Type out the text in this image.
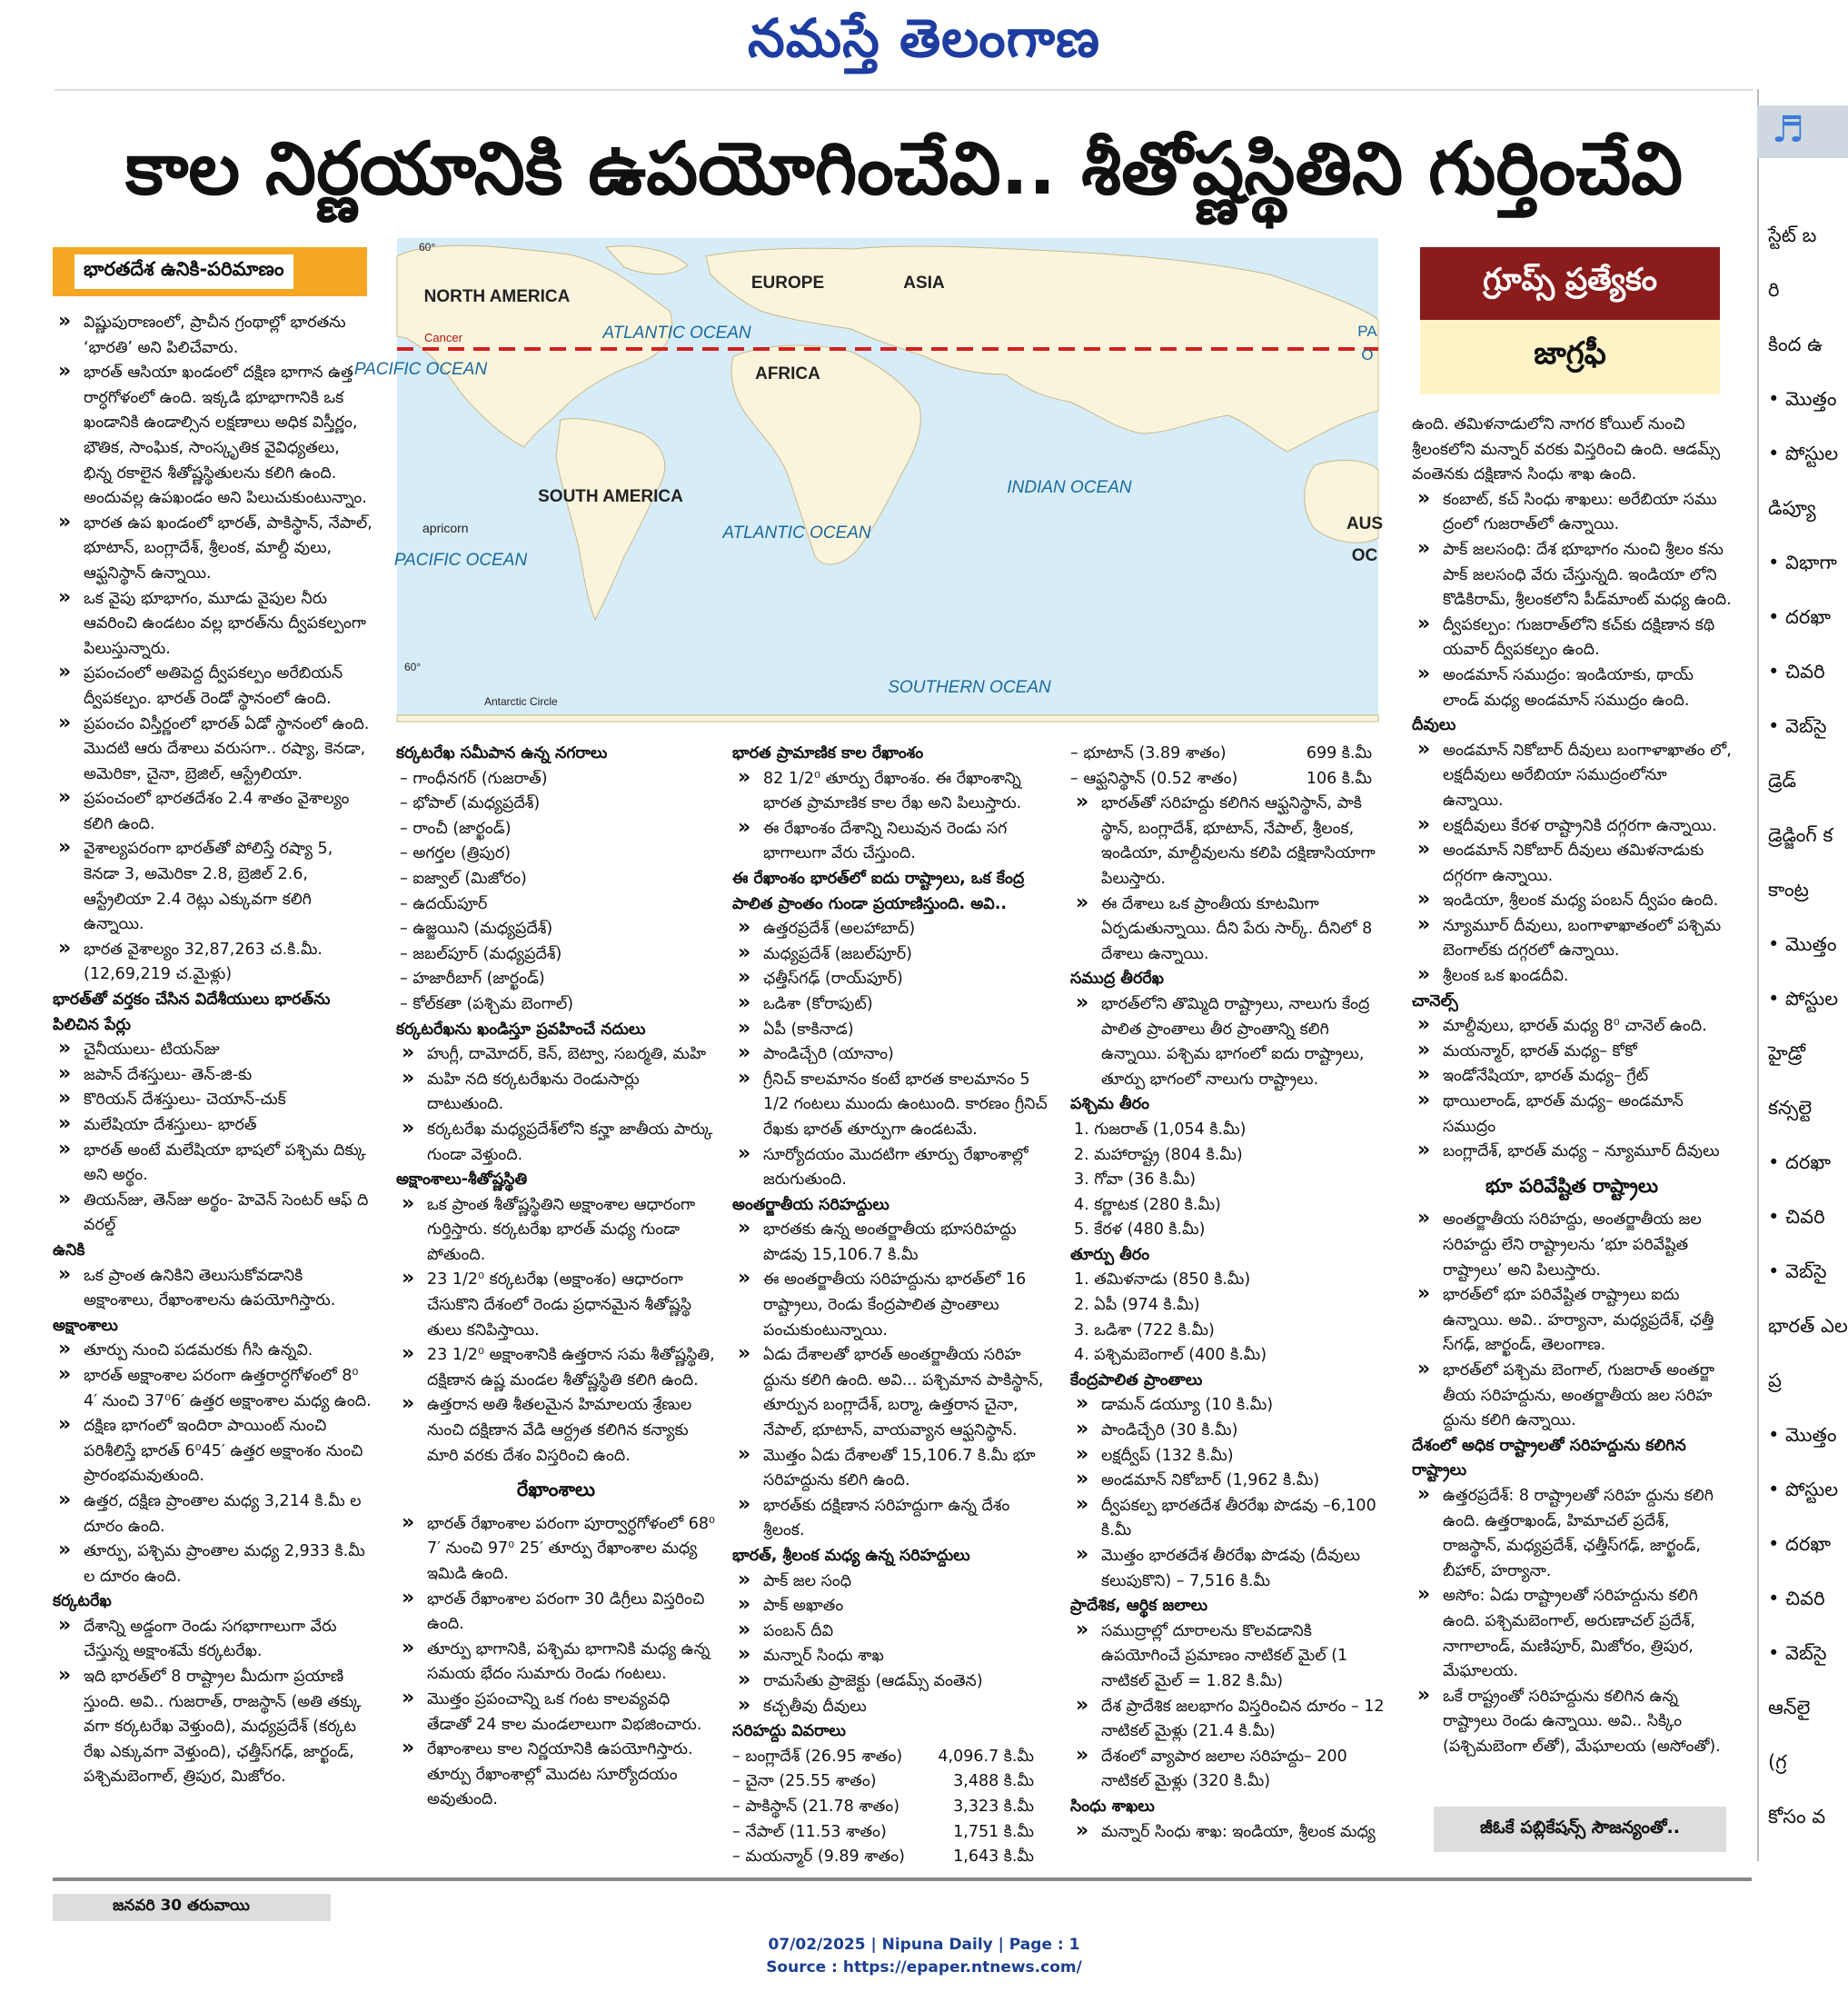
నమస్తే తెలంగాణ
కాల నిర్ణయానికి ఉపయోగించేవి.. శీతోష్ణస్థితిని గుర్తించేవి
భారతదేశ ఉనికి-పరిమాణం
NORTH AMERICA
EUROPE	ASIA
ATLANTIC OCEAN
AFRICA
PACIFIC OCEAN
SOUTH AMERICA	INDIAN OCEAN
ATLANTIC OCEAN
PACIFIC OCEAN
SOUTHERN OCEAN
AUS
OC
60°
60°
Cancer
apricorn
Antarctic Circle
PA
O
గ్రూప్స్ ప్రత్యేకం
జాగ్రఫీ

» విష్ణుపురాణంలో, ప్రాచీన గ్రంథాల్లో భారతను ‘భారతి’ అని పిలిచేవారు.

» భారత్ ఆసియా ఖండంలో దక్షిణ భాగాన ఉత్త రార్ధగోళంలో ఉంది. ఇక్కడి భూభాగానికి ఒక ఖండానికి ఉండాల్సిన లక్షణాలు అధిక విస్తీర్ణం, భౌతిక, సాంఘిక, సాంస్కృతిక వైవిధ్యతలు, భిన్న రకాలైన శీతోష్ణస్థితులను కలిగి ఉంది. అందువల్ల ఉపఖండం అని పిలుచుకుంటున్నాం.

» భారత ఉప ఖండంలో భారత్, పాకిస్థాన్, నేపాల్, భూటాన్, బంగ్లాదేశ్, శ్రీలంక, మాల్దీ వులు, ఆఫ్ఘనిస్థాన్ ఉన్నాయి.

» ఒక వైపు భూభాగం, మూడు వైపుల నీరు ఆవరించి ఉండటం వల్ల భారత్‌ను ద్వీపకల్పంగా పిలుస్తున్నారు.

» ప్రపంచంలో అతిపెద్ద ద్వీపకల్పం అరేబియన్ ద్వీపకల్పం. భారత్ రెండో స్థానంలో ఉంది.

» ప్రపంచం విస్తీర్ణంలో భారత్ ఏడో స్థానంలో ఉంది. మొదటి ఆరు దేశాలు వరుసగా.. రష్యా, కెనడా, అమెరికా, చైనా, బ్రెజిల్, ఆస్ట్రేలియా.

» ప్రపంచంలో భారతదేశం 2.4 శాతం వైశాల్యం కలిగి ఉంది.

» వైశాల్యపరంగా భారత్‌తో పోలిస్తే రష్యా 5, కెనడా 3, అమెరికా 2.8, బ్రెజిల్ 2.6, ఆస్ట్రేలియా 2.4 రెట్లు ఎక్కువగా కలిగి ఉన్నాయి.

» భారత వైశాల్యం 32,87,263 చ.కి.మీ. (12,69,219 చ.మైళ్లు)

భారత్‌తో వర్తకం చేసిన విదేశీయులు భారత్‌ను పిలిచిన పేర్లు

» చైనీయులు- టియన్‌జు

» జపాన్ దేశస్తులు- తెన్-జి-కు

» కొరియన్ దేశస్తులు- చెయాన్-చుక్

» మలేషియా దేశస్తులు- భారత్

» భారత్ అంటే మలేషియా భాషలో పశ్చిమ దిక్కు అని అర్థం.

» తియన్‌జు, తెన్‌జు అర్థం- హెవెన్ సెంటర్ ఆఫ్ ది వరల్డ్

ఉనికి

» ఒక ప్రాంత ఉనికిని తెలుసుకోవడానికి అక్షాంశాలు, రేఖాంశాలను ఉపయోగిస్తారు.

అక్షాంశాలు

» తూర్పు నుంచి పడమరకు గీసి ఉన్నవి.

» భారత్ అక్షాంశాల పరంగా ఉత్తరార్ధగోళంలో 8⁰ 4′ నుంచి 37⁰6′ ఉత్తర అక్షాంశాల మధ్య ఉంది.

» దక్షిణ భాగంలో ఇందిరా పాయింట్ నుంచి పరిశీలిస్తే భారత్ 6⁰45′ ఉత్తర అక్షాంశం నుంచి ప్రారంభమవుతుంది.

» ఉత్తర, దక్షిణ ప్రాంతాల మధ్య 3,214 కి.మీ ల దూరం ఉంది.

» తూర్పు, పశ్చిమ ప్రాంతాల మధ్య 2,933 కి.మీ ల దూరం ఉంది.

కర్కటరేఖ

» దేశాన్ని అడ్డంగా రెండు సగభాగాలుగా వేరు చేస్తున్న అక్షాంశమే కర్కటరేఖ.

» ఇది భారత్‌లో 8 రాష్ట్రాల మీదుగా ప్రయాణి స్తుంది. అవి.. గుజరాత్, రాజస్థాన్ (అతి తక్కు వగా కర్కటరేఖ వెళ్తుంది), మధ్యప్రదేశ్ (కర్కట రేఖ ఎక్కువగా వెళ్తుంది), ఛత్తీస్‌గఢ్, జార్ఖండ్, పశ్చిమబెంగాల్, త్రిపుర, మిజోరం.

కర్కటరేఖ సమీపాన ఉన్న నగరాలు

– గాంధీనగర్ (గుజరాత్)

– భోపాల్ (మధ్యప్రదేశ్)

– రాంచీ (జార్ఖండ్)

– అగర్తల (త్రిపుర)

– ఐజ్వాల్ (మిజోరం)

– ఉదయ్‌పూర్

– ఉజ్జయిని (మధ్యప్రదేశ్)

– జబల్‌పూర్ (మధ్యప్రదేశ్)

– హజారీబాగ్ (జార్ఖండ్)

– కోల్‌కతా (పశ్చిమ బెంగాల్)

కర్కటరేఖను ఖండిస్తూ ప్రవహించే నదులు

» హుగ్లీ, దామోదర్, కెన్, బెట్వా, సబర్మతి, మహి

» మహి నది కర్కటరేఖను రెండుసార్లు దాటుతుంది.

» కర్కటరేఖ మధ్యప్రదేశ్‌లోని కన్హా జాతీయ పార్కు గుండా వెళ్తుంది.

అక్షాంశాలు-శీతోష్ణస్థితి

» ఒక ప్రాంత శీతోష్ణస్థితిని అక్షాంశాల ఆధారంగా గుర్తిస్తారు. కర్కటరేఖ భారత్ మధ్య గుండా పోతుంది.

» 23 1/2⁰ కర్కటరేఖ (అక్షాంశం) ఆధారంగా చేసుకొని దేశంలో రెండు ప్రధానమైన శీతోష్ణస్థి తులు కనిపిస్తాయి.

» 23 1/2⁰ అక్షాంశానికి ఉత్తరాన సమ శీతోష్ణస్థితి, దక్షిణాన ఉష్ణ మండల శీతోష్ణస్థితి కలిగి ఉంది.

» ఉత్తరాన అతి శీతలమైన హిమాలయ శ్రేణుల నుంచి దక్షిణాన వేడి ఆర్ద్రత కలిగిన కన్యాకు మారి వరకు దేశం విస్తరించి ఉంది.

రేఖాంశాలు

» భారత్ రేఖాంశాల పరంగా పూర్వార్ధగోళంలో 68⁰ 7′ నుంచి 97⁰ 25′ తూర్పు రేఖాంశాల మధ్య ఇమిడి ఉంది.

» భారత్ రేఖాంశాల పరంగా 30 డిగ్రీలు విస్తరించి ఉంది.

» తూర్పు భాగానికి, పశ్చిమ భాగానికి మధ్య ఉన్న సమయ భేదం సుమారు రెండు గంటలు.

» మొత్తం ప్రపంచాన్ని ఒక గంట కాలవ్యవధి తేడాతో 24 కాల మండలాలుగా విభజించారు.

» రేఖాంశాలు కాల నిర్ణయానికి ఉపయోగిస్తారు. తూర్పు రేఖాంశాల్లో మొదట సూర్యోదయం అవుతుంది.

భారత ప్రామాణిక కాల రేఖాంశం

» 82 1/2⁰ తూర్పు రేఖాంశం. ఈ రేఖాంశాన్ని భారత ప్రామాణిక కాల రేఖ అని పిలుస్తారు.

» ఈ రేఖాంశం దేశాన్ని నిలువున రెండు సగ భాగాలుగా వేరు చేస్తుంది.

ఈ రేఖాంశం భారత్‌లో ఐదు రాష్ట్రాలు, ఒక కేంద్ర పాలిత ప్రాంతం గుండా ప్రయాణిస్తుంది. అవి..

» ఉత్తరప్రదేశ్ (అలహాబాద్)

» మధ్యప్రదేశ్ (జబల్‌పూర్)

» ఛత్తీస్‌గఢ్ (రాయ్‌పూర్)

» ఒడిశా (కోరాపుట్)

» ఏపీ (కాకినాడ)

» పాండిచ్చేరి (యానాం)

» గ్రీనిచ్ కాలమానం కంటే భారత కాలమానం 5 1/2 గంటలు ముందు ఉంటుంది. కారణం గ్రీనిచ్ రేఖకు భారత్ తూర్పుగా ఉండటమే.

» సూర్యోదయం మొదటిగా తూర్పు రేఖాంశాల్లో జరుగుతుంది.

అంతర్జాతీయ సరిహద్దులు

» భారతకు ఉన్న అంతర్జాతీయ భూసరిహద్దు పొడవు 15,106.7 కి.మీ

» ఈ అంతర్జాతీయ సరిహద్దును భారత్‌లో 16 రాష్ట్రాలు, రెండు కేంద్రపాలిత ప్రాంతాలు పంచుకుంటున్నాయి.

» ఏడు దేశాలతో భారత్ అంతర్జాతీయ సరిహ ద్దును కలిగి ఉంది. అవి... పశ్చిమాన పాకిస్థాన్, తూర్పున బంగ్లాదేశ్, బర్మా, ఉత్తరాన చైనా, నేపాల్, భూటాన్, వాయవ్యాన ఆఫ్ఘనిస్థాన్.

» మొత్తం ఏడు దేశాలతో 15,106.7 కి.మీ భూ సరిహద్దును కలిగి ఉంది.

» భారత్‌కు దక్షిణాన సరిహద్దుగా ఉన్న దేశం శ్రీలంక.

భారత్, శ్రీలంక మధ్య ఉన్న సరిహద్దులు

» పాక్ జల సంధి

» పాక్ అఖాతం

» పంబన్ దీవి

» మన్నార్ సింధు శాఖ

» రామసేతు ప్రాజెక్టు (ఆడమ్స్ వంతెన)

» కచ్చతీవు దీవులు

సరిహద్దు వివరాలు

– బంగ్లాదేశ్ (26.95 శాతం) 4,096.7 కి.మీ

– చైనా (25.55 శాతం)	3,488 కి.మీ

– పాకిస్థాన్ (21.78 శాతం)	3,323 కి.మీ

– నేపాల్ (11.53 శాతం)	1,751 కి.మీ

– మయన్మార్ (9.89 శాతం)	1,643 కి.మీ

– భూటాన్ (3.89 శాతం)	699 కి.మీ

– ఆఫ్ఘనిస్థాన్ (0.52 శాతం)	106 కి.మీ

» భారత్‌తో సరిహద్దు కలిగిన ఆఫ్ఘనిస్థాన్, పాకి స్థాన్, బంగ్లాదేశ్, భూటాన్, నేపాల్, శ్రీలంక, ఇండియా, మాల్దీవులను కలిపి దక్షిణాసియాగా పిలుస్తారు.

» ఈ దేశాలు ఒక ప్రాంతీయ కూటమిగా ఏర్పడుతున్నాయి. దీని పేరు సార్క్. దీనిలో 8 దేశాలు ఉన్నాయి.

సముద్ర తీరరేఖ

» భారత్‌లోని తొమ్మిది రాష్ట్రాలు, నాలుగు కేంద్ర పాలిత ప్రాంతాలు తీర ప్రాంతాన్ని కలిగి ఉన్నాయి. పశ్చిమ భాగంలో ఐదు రాష్ట్రాలు, తూర్పు భాగంలో నాలుగు రాష్ట్రాలు.

పశ్చిమ తీరం

1. గుజరాత్ (1,054 కి.మీ)

2. మహారాష్ట్ర (804 కి.మీ)

3. గోవా (36 కి.మీ)

4. కర్ణాటక (280 కి.మీ)

5. కేరళ (480 కి.మీ)

తూర్పు తీరం

1. తమిళనాడు (850 కి.మీ)

2. ఏపీ (974 కి.మీ)

3. ఒడిశా (722 కి.మీ)

4. పశ్చిమబెంగాల్ (400 కి.మీ)

కేంద్రపాలిత ప్రాంతాలు

» డామన్ డయ్యూ (10 కి.మీ)

» పాండిచ్చేరి (30 కి.మీ)

» లక్షద్వీప్ (132 కి.మీ)

» అండమాన్ నికోబార్ (1,962 కి.మీ)

» ద్వీపకల్ప భారతదేశ తీరరేఖ పొడవు –6,100 కి.మీ

» మొత్తం భారతదేశ తీరరేఖ పొడవు (దీవులు కలుపుకొని) – 7,516 కి.మీ

ప్రాదేశిక, ఆర్థిక జలాలు

» సముద్రాల్లో దూరాలను కొలవడానికి ఉపయోగించే ప్రమాణం నాటికల్ మైల్ (1 నాటికల్ మైల్ = 1.82 కి.మీ)

» దేశ ప్రాదేశిక జలభాగం విస్తరించిన దూరం – 12 నాటికల్ మైళ్లు (21.4 కి.మీ)

» దేశంలో వ్యాపార జలాల సరిహద్దు– 200 నాటికల్ మైళ్లు (320 కి.మీ)

సింధు శాఖలు

» మన్నార్ సింధు శాఖ: ఇండియా, శ్రీలంక మధ్య

ఉంది. తమిళనాడులోని నాగర కోయిల్ నుంచి శ్రీలంకలోని మన్నార్ వరకు విస్తరించి ఉంది. ఆడమ్స్ వంతెనకు దక్షిణాన సింధు శాఖ ఉంది.

» కంబాట్, కచ్ సింధు శాఖలు: అరేబియా సము ద్రంలో గుజరాత్‌లో ఉన్నాయి.

» పాక్ జలసంధి: దేశ భూభాగం నుంచి శ్రీలం కను పాక్ జలసంధి వేరు చేస్తున్నది. ఇండియా లోని కొడికిరామ్, శ్రీలంకలోని పీడ్‌మాంట్ మధ్య ఉంది.

» ద్వీపకల్పం: గుజరాత్‌లోని కచ్‌కు దక్షిణాన కథి యవార్ ద్వీపకల్పం ఉంది.

» అండమాన్ సముద్రం: ఇండియాకు, థాయ్ లాండ్ మధ్య అండమాన్ సముద్రం ఉంది.

దీవులు

» అండమాన్ నికోబార్ దీవులు బంగాళాఖాతం లో, లక్షదీవులు అరేబియా సముద్రంలోనూ ఉన్నాయి.

» లక్షదీవులు కేరళ రాష్ట్రానికి దగ్గరగా ఉన్నాయి.

» అండమాన్ నికోబార్ దీవులు తమిళనాడుకు దగ్గరగా ఉన్నాయి.

» ఇండియా, శ్రీలంక మధ్య పంబన్ ద్వీపం ఉంది.

» న్యూమూర్ దీవులు, బంగాళాఖాతంలో పశ్చిమ బెంగాల్‌కు దగ్గరలో ఉన్నాయి.

» శ్రీలంక ఒక ఖండదీవి.

చానెల్స్

» మాల్దీవులు, భారత్ మధ్య 8⁰ చానెల్ ఉంది.

» మయన్మార్, భారత్ మధ్య– కోకో

» ఇండోనేషియా, భారత్ మధ్య– గ్రేట్

» థాయిలాండ్, భారత్ మధ్య– అండమాన్ సముద్రం

» బంగ్లాదేశ్, భారత్ మధ్య – న్యూమూర్ దీవులు

భూ పరివేష్టిత రాష్ట్రాలు

» అంతర్జాతీయ సరిహద్దు, అంతర్జాతీయ జల సరిహద్దు లేని రాష్ట్రాలను ‘భూ పరివేష్టిత రాష్ట్రాలు’ అని పిలుస్తారు.

» భారత్‌లో భూ పరివేష్టిత రాష్ట్రాలు ఐదు ఉన్నాయి. అవి.. హర్యానా, మధ్యప్రదేశ్, ఛత్తీ స్‌గఢ్, జార్ఖండ్, తెలంగాణ.

» భారత్‌లో పశ్చిమ బెంగాల్, గుజరాత్ అంతర్జా తీయ సరిహద్దును, అంతర్జాతీయ జల సరిహ ద్దును కలిగి ఉన్నాయి.

దేశంలో అధిక రాష్ట్రాలతో సరిహద్దును కలిగిన రాష్ట్రాలు

» ఉత్తరప్రదేశ్: 8 రాష్ట్రాలతో సరిహ ద్దును కలిగి ఉంది. ఉత్తరాఖండ్, హిమాచల్ ప్రదేశ్, రాజస్థాన్, మధ్యప్రదేశ్, ఛత్తీస్‌గఢ్, జార్ఖండ్, బీహార్, హర్యానా.

» అసోం: ఏడు రాష్ట్రాలతో సరిహద్దును కలిగి ఉంది. పశ్చిమబెంగాల్, అరుణాచల్ ప్రదేశ్, నాగాలాండ్, మణిపూర్, మిజోరం, త్రిపుర, మేఘాలయ.

» ఒకే రాష్ట్రంతో సరిహద్దును కలిగిన ఉన్న రాష్ట్రాలు రెండు ఉన్నాయి. అవి.. సిక్కిం (పశ్చిమబెంగా ల్‌తో), మేఘాలయ (అసోంతో).

జీఓకే పబ్లికేషన్స్ సౌజన్యంతో..
జనవరి 30 తరువాయి
07/02/2025 | Nipuna Daily | Page : 1
Source : https://epaper.ntnews.com/
♬
స్టేట్ బ
రి
కింద ఉ
• మొత్తం
• పోస్టుల
డిప్యూ
• విభాగా
• దరఖా
• చివరి
• వెబ్‌సై
డ్రెడ్
డ్రెడ్జింగ్ క
కాంట్ర
• మొత్తం
• పోస్టుల
హైడ్రో
కన్సల్టె
• దరఖా
• చివరి
• వెబ్‌సై
భారత్ ఎల
ప్ర
• మొత్తం
• పోస్టుల
• దరఖా
• చివరి
• వెబ్‌సై
ఆన్‌లై
(గ్ర
కోసం వ
